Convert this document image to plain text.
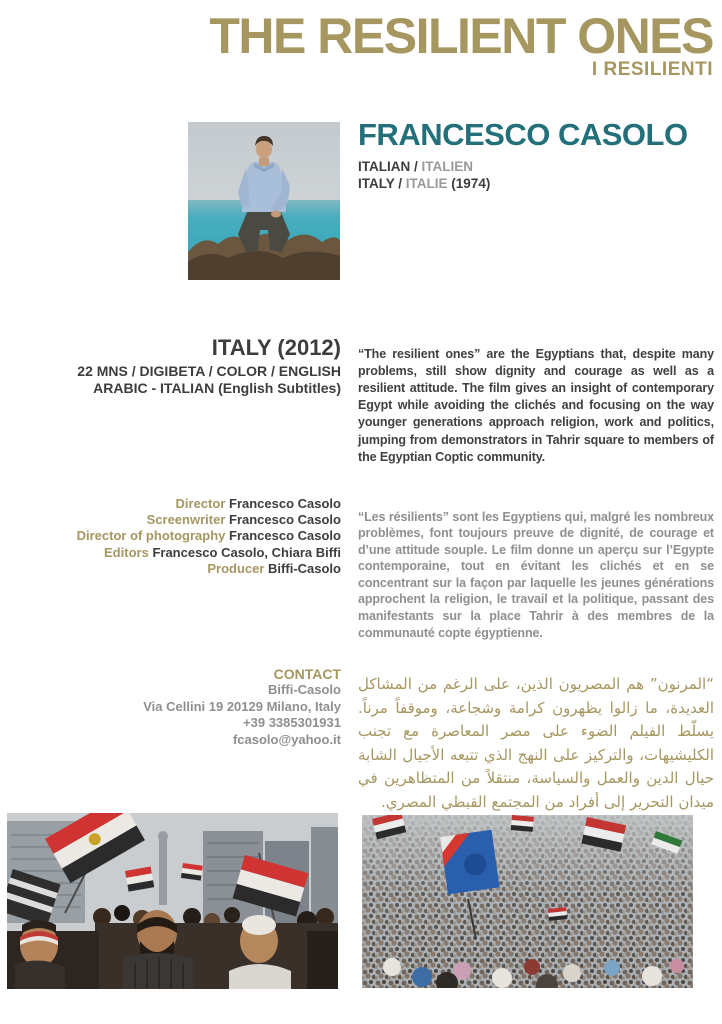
THE RESILIENT ONES
I RESILIENTI
FRANCESCO CASOLO
ITALIAN / ITALIEN
ITALY / ITALIE (1974)
ITALY (2012)
22 MNS / DIGIBETA / COLOR / ENGLISH
ARABIC - ITALIAN (English Subtitles)

“The resilient ones” are the Egyptians that, despite many problems, still show dignity and courage as well as a resilient attitude. The film gives an insight of contemporary Egypt while avoiding the clichés and focusing on the way younger generations approach religion, work and politics, jumping from demonstrators in Tahrir square to members of the Egyptian Coptic community.

Director Francesco Casolo
Screenwriter Francesco Casolo
Director of photography Francesco Casolo
Editors Francesco Casolo, Chiara Biffi
Producer Biffi-Casolo

“Les résilients” sont les Egyptiens qui, malgré les nombreux problèmes, font toujours preuve de dignité, de courage et d’une attitude souple. Le film donne un aperçu sur l’Egypte contemporaine, tout en évitant les clichés et en se concentrant sur la façon par laquelle les jeunes générations approchent la religion, le travail et la politique, passant des manifestants sur la place Tahrir à des membres de la communauté copte égyptienne.

CONTACT
Biffi-Casolo
Via Cellini 19 20129 Milano, Italy
+39 3385301931
fcasolo@yahoo.it

“المرنون” هم المصريون الذين، على الرغم من المشاكل العديدة، ما زالوا يظهرون كرامة وشجاعة، وموقفاً مرناً. يسلّط الفيلم الضوء على مصر المعاصرة مع تجنب الكليشيهات، والتركيز على النهج الذي تتبعه الأجيال الشابة حيال الدين والعمل والسياسة، منتقلاً من المتظاهرين في ميدان التحرير إلى أفراد من المجتمع القبطي المصري.
